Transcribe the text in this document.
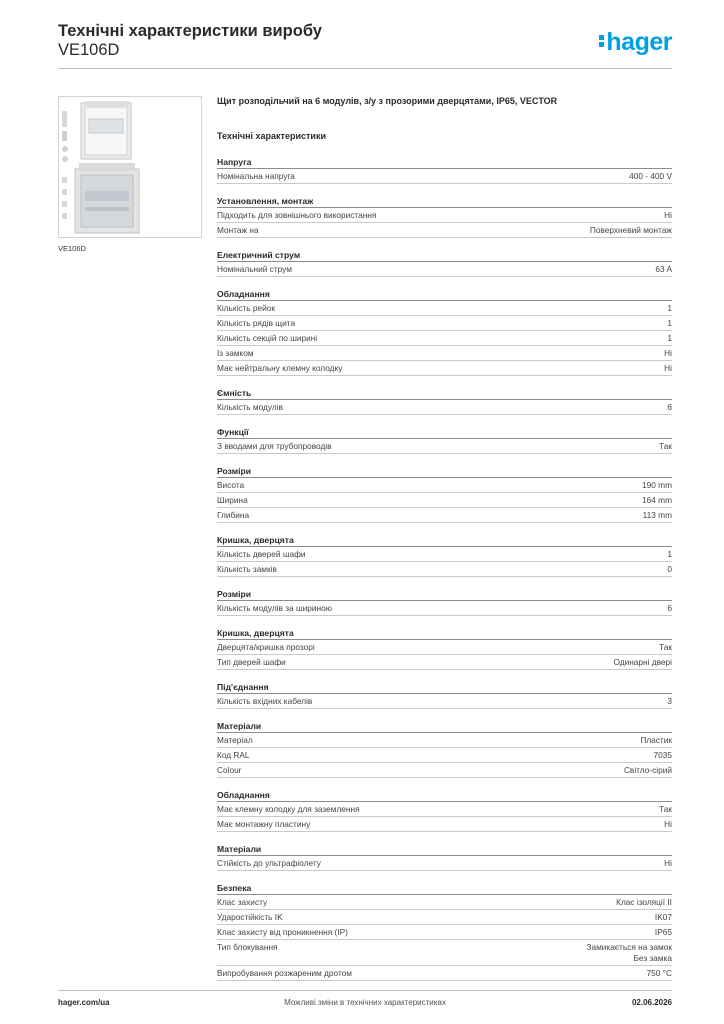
Технічні характеристики виробу
VE106D	hager
VE106D
Щит розподільчий на 6 модулів, з/у з прозорими дверцятами, IP65, VECTOR
Технічні характеристики
Напруга
Номінальна напруга	400 - 400 V
Установлення, монтаж
Підходить для зовнішнього використання	Ні
Монтаж на	Поверхневий монтаж
Електричний струм
Номінальний струм	63 A
Обладнання
Кількість рейок	1
Кількість рядів щита	1
Кількість секцій по ширині	1
Із замком	Ні
Має нейтральну клемну колодку	Ні
Ємність
Кількість модулів	6
Функції
З вводами для трубопроводів	Так
Розміри
Висота	190 mm
Ширина	164 mm
Глибина	113 mm
Кришка, дверцята
Кількість дверей шафи	1
Кількість замків	0
Розміри
Кількість модулів за шириною	6
Кришка, дверцята
Дверцята/кришка прозорі	Так
Тип дверей шафи	Одинарні двері
Під'єднання
Кількість вхідних кабелів	3
Матеріали
Матеріал	Пластик
Код RAL	7035
Colour	Світло-сірий
Обладнання
Має клемну колодку для заземлення	Так
Має монтажну пластину	Ні
Матеріали
Стійкість до ультрафіолету	Ні
Безпека
Клас захисту	Клас ізоляції II
Ударостійкість IK	IK07
Клас захисту від проникнення (IP)	IP65
Тип блокування	Замикається на замок
Без замка
Випробування розжареним дротом	750 °C
Можливі зміни в технічних характеристиках
hager.com/ua	02.06.2026
